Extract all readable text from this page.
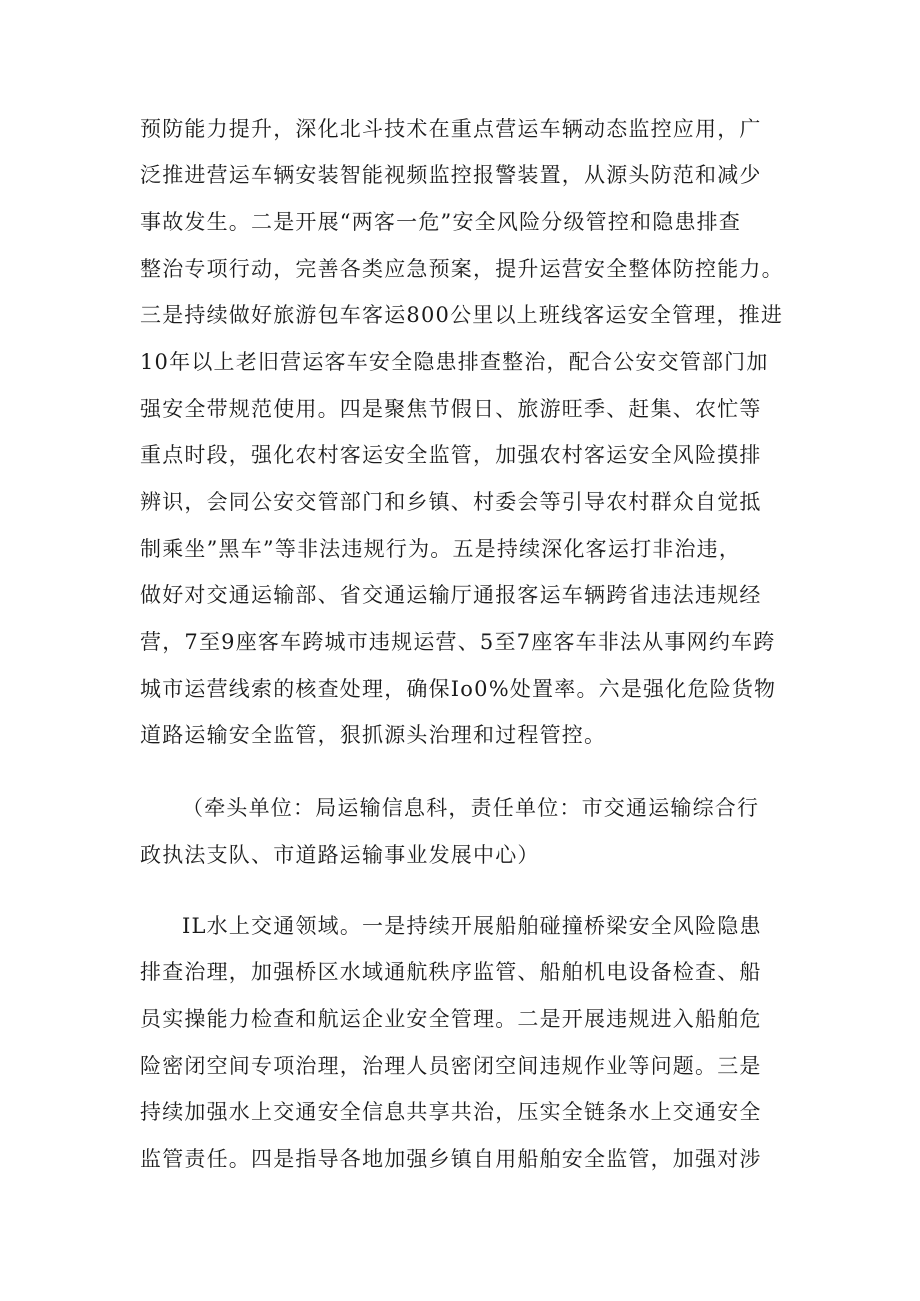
预防能力提升，深化北斗技术在重点营运车辆动态监控应用，广
泛推进营运车辆安装智能视频监控报警装置，从源头防范和减少
事故发生。二是开展“两客一危”安全风险分级管控和隐患排查
整治专项行动，完善各类应急预案，提升运营安全整体防控能力。
三是持续做好旅游包车客运800公里以上班线客运安全管理，推进
10年以上老旧营运客车安全隐患排查整治，配合公安交管部门加
强安全带规范使用。四是聚焦节假日、旅游旺季、赶集、农忙等
重点时段，强化农村客运安全监管，加强农村客运安全风险摸排
辨识，会同公安交管部门和乡镇、村委会等引导农村群众自觉抵
制乘坐”黑车”等非法违规行为。五是持续深化客运打非治违，
做好对交通运输部、省交通运输厅通报客运车辆跨省违法违规经
营，7至9座客车跨城市违规运营、5至7座客车非法从事网约车跨
城市运营线索的核查处理，确保Io0%处置率。六是强化危险货物
道路运输安全监管，狠抓源头治理和过程管控。
（牵头单位：局运输信息科，责任单位：市交通运输综合行
政执法支队、市道路运输事业发展中心）
IL水上交通领域。一是持续开展船舶碰撞桥梁安全风险隐患
排查治理，加强桥区水域通航秩序监管、船舶机电设备检查、船
员实操能力检查和航运企业安全管理。二是开展违规进入船舶危
险密闭空间专项治理，治理人员密闭空间违规作业等问题。三是
持续加强水上交通安全信息共享共治，压实全链条水上交通安全
监管责任。四是指导各地加强乡镇自用船舶安全监管，加强对涉
